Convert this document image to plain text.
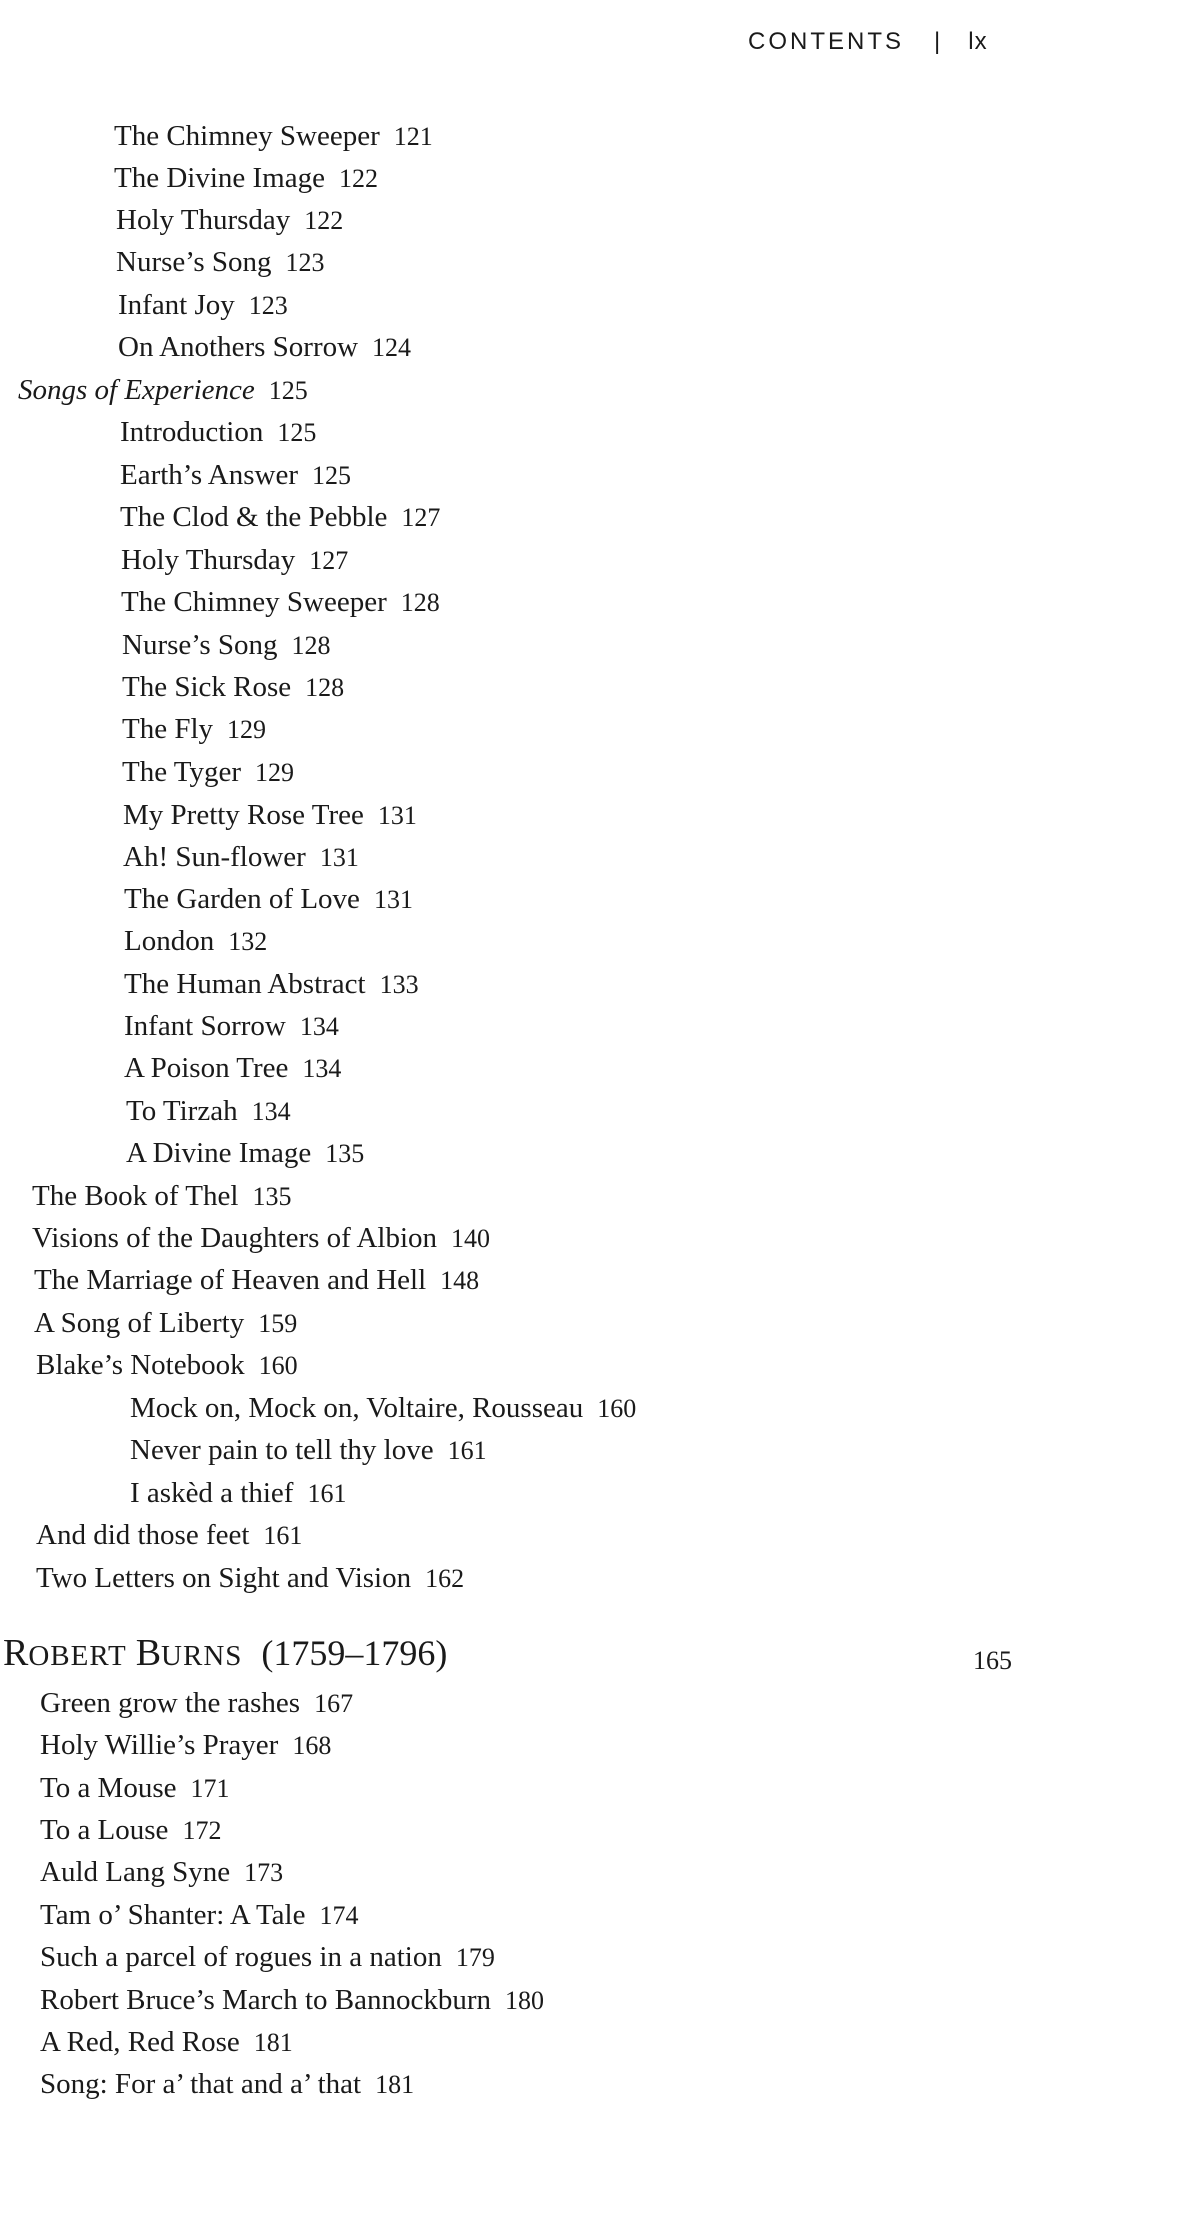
CONTENTS | lx
The Chimney Sweeper 121
The Divine Image 122
Holy Thursday 122
Nurse’s Song 123
Infant Joy 123
On Anothers Sorrow 124
Songs of Experience 125
Introduction 125
Earth’s Answer 125
The Clod & the Pebble 127
Holy Thursday 127
The Chimney Sweeper 128
Nurse’s Song 128
The Sick Rose 128
The Fly 129
The Tyger 129
My Pretty Rose Tree 131
Ah! Sun-flower 131
The Garden of Love 131
London 132
The Human Abstract 133
Infant Sorrow 134
A Poison Tree 134
To Tirzah 134
A Divine Image 135
The Book of Thel 135
Visions of the Daughters of Albion 140
The Marriage of Heaven and Hell 148
A Song of Liberty 159
Blake’s Notebook 160
Mock on, Mock on, Voltaire, Rousseau 160
Never pain to tell thy love 161
I askèd a thief 161
And did those feet 161
Two Letters on Sight and Vision 162
ROBERT BURNS (1759–1796)	165
Green grow the rashes 167
Holy Willie’s Prayer 168
To a Mouse 171
To a Louse 172
Auld Lang Syne 173
Tam o’ Shanter: A Tale 174
Such a parcel of rogues in a nation 179
Robert Bruce’s March to Bannockburn 180
A Red, Red Rose 181
Song: For a’ that and a’ that 181
